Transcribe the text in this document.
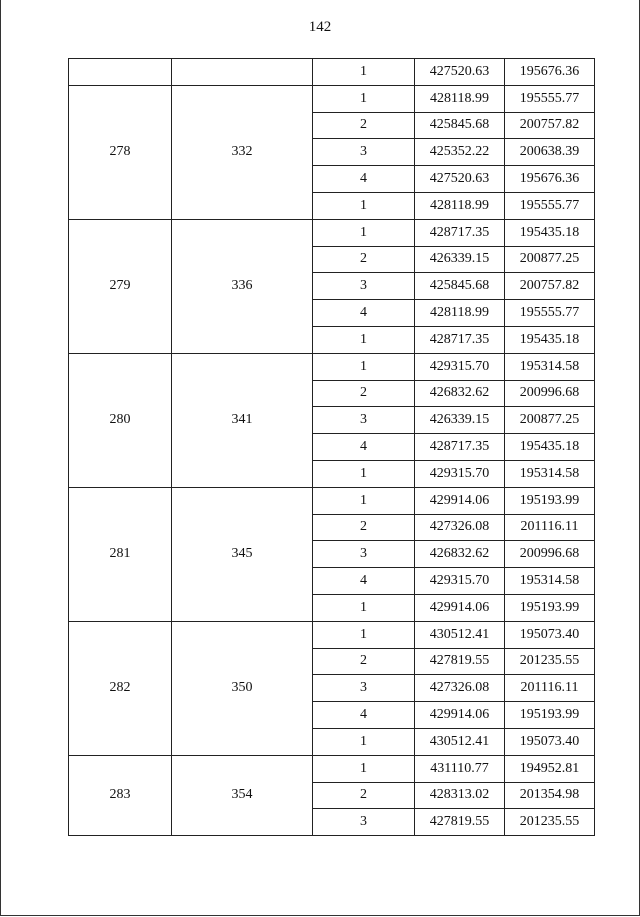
142
		1	427520.63	195676.36
278	332	1	428118.99	195555.77
		2	425845.68	200757.82
		3	425352.22	200638.39
		4	427520.63	195676.36
		1	428118.99	195555.77
279	336	1	428717.35	195435.18
		2	426339.15	200877.25
		3	425845.68	200757.82
		4	428118.99	195555.77
		1	428717.35	195435.18
280	341	1	429315.70	195314.58
		2	426832.62	200996.68
		3	426339.15	200877.25
		4	428717.35	195435.18
		1	429315.70	195314.58
281	345	1	429914.06	195193.99
		2	427326.08	201116.11
		3	426832.62	200996.68
		4	429315.70	195314.58
		1	429914.06	195193.99
282	350	1	430512.41	195073.40
		2	427819.55	201235.55
		3	427326.08	201116.11
		4	429914.06	195193.99
		1	430512.41	195073.40
283	354	1	431110.77	194952.81
		2	428313.02	201354.98
		3	427819.55	201235.55
